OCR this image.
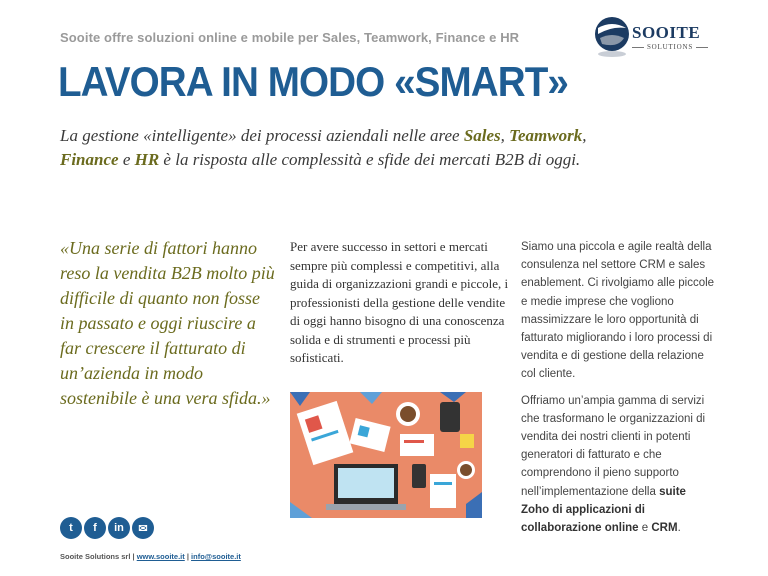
Sooite offre soluzioni online e mobile per Sales, Teamwork, Finance e HR	SOOITE
SOLUTIONS
LAVORA IN MODO «SMART»

La gestione «intelligente» dei processi aziendali nelle aree Sales, Teamwork,
Finance e HR è la risposta alle complessità e sfide dei mercati B2B di oggi.

«Una serie di fattori hanno reso la vendita B2B molto più difficile di quanto non fosse in passato e oggi riuscire a far crescere il fatturato di un’azienda in modo sostenibile è una vera sfida.»

Per avere successo in settori e mercati sempre più complessi e competitivi, alla guida di organizzazioni grandi e piccole, i professionisti della gestione delle vendite di oggi hanno bisogno di una conoscenza solida e di strumenti e processi più sofisticati.

Siamo una piccola e agile realtà della consulenza nel settore CRM e sales enablement. Ci rivolgiamo alle piccole e medie imprese che vogliono massimizzare le loro opportunità di fatturato migliorando i loro processi di vendita e di gestione della relazione col cliente.

Offriamo un’ampia gamma di servizi che trasformano le organizzazioni di vendita dei nostri clienti in potenti generatori di fatturato e che comprendono il pieno supporto nell’implementazione della suite Zoho di applicazioni di collaborazione online e CRM.

t	f	in	✉
Sooite Solutions srl | www.sooite.it | info@sooite.it
